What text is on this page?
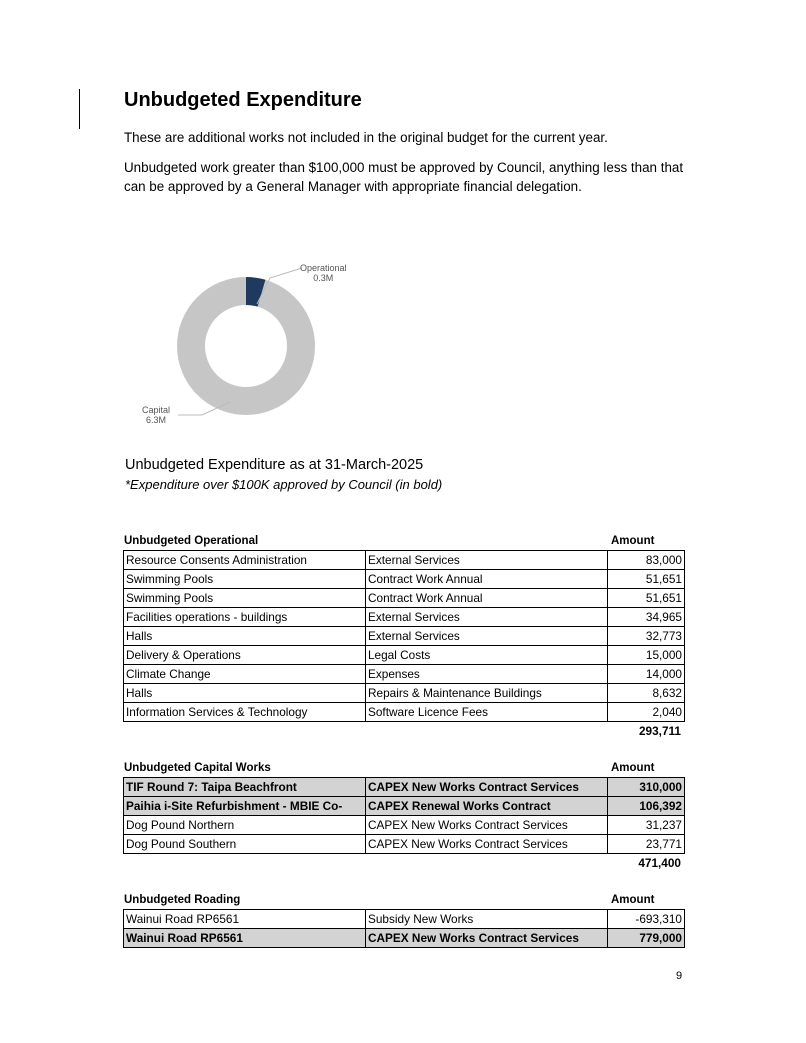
Unbudgeted Expenditure
These are additional works not included in the original budget for the current year.
Unbudgeted work greater than $100,000 must be approved by Council, anything less than that can be approved by a General Manager with appropriate financial delegation.
Operational
0.3M
Capital
6.3M
Unbudgeted Expenditure as at 31-March-2025
*Expenditure over $100K approved by Council (in bold)
Unbudgeted Operational	Amount
Resource Consents Administration	External Services	83,000
Swimming Pools	Contract Work Annual	51,651
Swimming Pools	Contract Work Annual	51,651
Facilities operations - buildings	External Services	34,965
Halls	External Services	32,773
Delivery & Operations	Legal Costs	15,000
Climate Change	Expenses	14,000
Halls	Repairs & Maintenance Buildings	8,632
Information Services & Technology	Software Licence Fees	2,040
293,711
Unbudgeted Capital Works	Amount
TIF Round 7: Taipa Beachfront	CAPEX New Works Contract Services	310,000
Paihia i-Site Refurbishment - MBIE Co-	CAPEX Renewal Works Contract	106,392
Dog Pound Northern	CAPEX New Works Contract Services	31,237
Dog Pound Southern	CAPEX New Works Contract Services	23,771
471,400
Unbudgeted Roading	Amount
Wainui Road RP6561	Subsidy New Works	-693,310
Wainui Road RP6561	CAPEX New Works Contract Services	779,000
9
